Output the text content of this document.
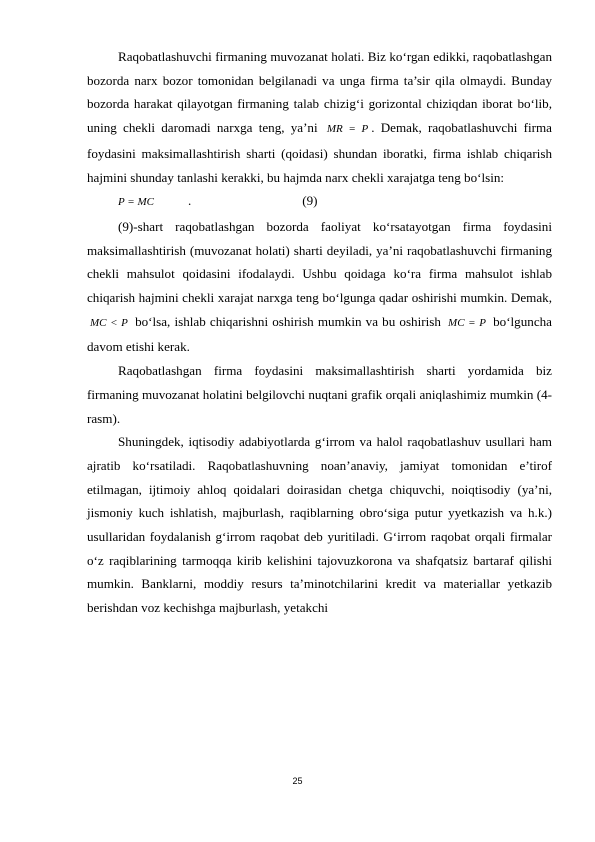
Raqobatlashuvchi firmaning muvozanat holati. Biz ko‘rgan edikki, raqobatlashgan bozorda narx bozor tomonidan belgilanadi va unga firma ta’sir qila olmaydi. Bunday bozorda harakat qilayotgan firmaning talab chizig‘i gorizontal chiziqdan iborat bo‘lib, uning chekli daromadi narxga teng, ya’ni MR = P . Demak, raqobatlashuvchi firma foydasini maksimallashtirish sharti (qoidasi) shundan iboratki, firma ishlab chiqarish hajmini shunday tanlashi kerakki, bu hajmda narx chekli xarajatga teng bo‘lsin:

P = MC	.	(9)

(9)-shart raqobatlashgan bozorda faoliyat ko‘rsatayotgan firma foydasini maksimallashtirish (muvozanat holati) sharti deyiladi, ya’ni raqobatlashuvchi firmaning chekli mahsulot qoidasini ifodalaydi. Ushbu qoidaga ko‘ra firma mahsulot ishlab chiqarish hajmini chekli xarajat narxga teng bo‘lgunga qadar oshirishi mumkin. Demak, MC < P bo‘lsa, ishlab chiqarishni oshirish mumkin va bu oshirish MC = P bo‘lguncha davom etishi kerak.

Raqobatlashgan firma foydasini maksimallashtirish sharti yordamida biz firmaning muvozanat holatini belgilovchi nuqtani grafik orqali aniqlashimiz mumkin (4-rasm).

Shuningdek, iqtisodiy adabiyotlarda g‘irrom va halol raqobatlashuv usullari ham ajratib ko‘rsatiladi. Raqobatlashuvning noan’anaviy, jamiyat tomonidan e’tirof etilmagan, ijtimoiy ahloq qoidalari doirasidan chetga chiquvchi, noiqtisodiy (ya’ni, jismoniy kuch ishlatish, majburlash, raqiblarning obro‘siga putur yyetkazish va h.k.) usullaridan foydalanish g‘irrom raqobat deb yuritiladi. G‘irrom raqobat orqali firmalar o‘z raqiblarining tarmoqqa kirib kelishini tajovuzkorona va shafqatsiz bartaraf qilishi mumkin. Banklarni, moddiy resurs ta’minotchilarini kredit va materiallar yetkazib berishdan voz kechishga majburlash, yetakchi

25
